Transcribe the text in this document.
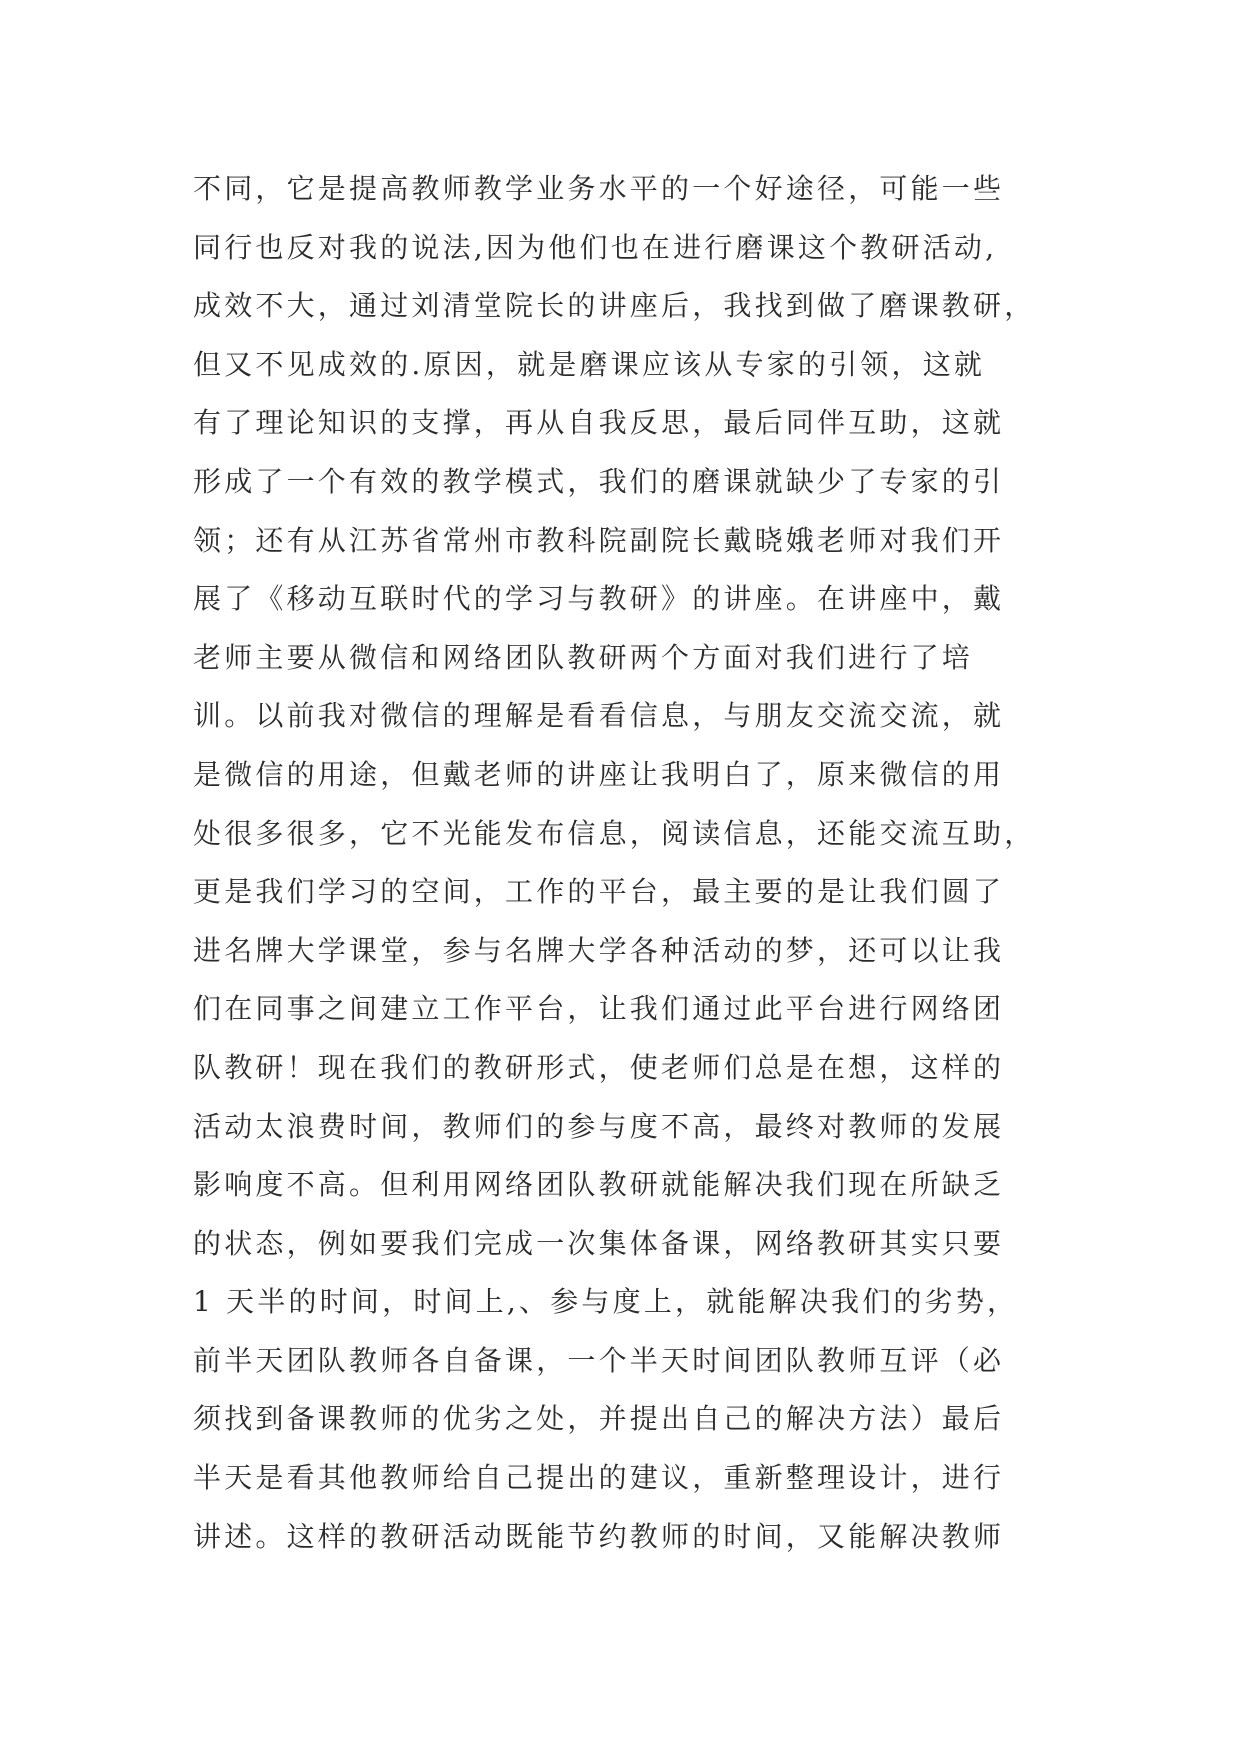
不同，它是提高教师教学业务水平的一个好途径，可能一些
同行也反对我的说法,因为他们也在进行磨课这个教研活动,
成效不大，通过刘清堂院长的讲座后，我找到做了磨课教研，
但又不见成效的.原因，就是磨课应该从专家的引领，这就
有了理论知识的支撑，再从自我反思，最后同伴互助，这就
形成了一个有效的教学模式，我们的磨课就缺少了专家的引
领；还有从江苏省常州市教科院副院长戴晓娥老师对我们开
展了《移动互联时代的学习与教研》的讲座。在讲座中，戴
老师主要从微信和网络团队教研两个方面对我们进行了培
训。以前我对微信的理解是看看信息，与朋友交流交流，就
是微信的用途，但戴老师的讲座让我明白了，原来微信的用
处很多很多，它不光能发布信息，阅读信息，还能交流互助，
更是我们学习的空间，工作的平台，最主要的是让我们圆了
进名牌大学课堂，参与名牌大学各种活动的梦，还可以让我
们在同事之间建立工作平台，让我们通过此平台进行网络团
队教研！现在我们的教研形式，使老师们总是在想，这样的
活动太浪费时间，教师们的参与度不高，最终对教师的发展
影响度不高。但利用网络团队教研就能解决我们现在所缺乏
的状态，例如要我们完成一次集体备课，网络教研其实只要
1 天半的时间，时间上,、参与度上，就能解决我们的劣势，
前半天团队教师各自备课，一个半天时间团队教师互评（必
须找到备课教师的优劣之处，并提出自己的解决方法）最后
半天是看其他教师给自己提出的建议，重新整理设计，进行
讲述。这样的教研活动既能节约教师的时间，又能解决教师
